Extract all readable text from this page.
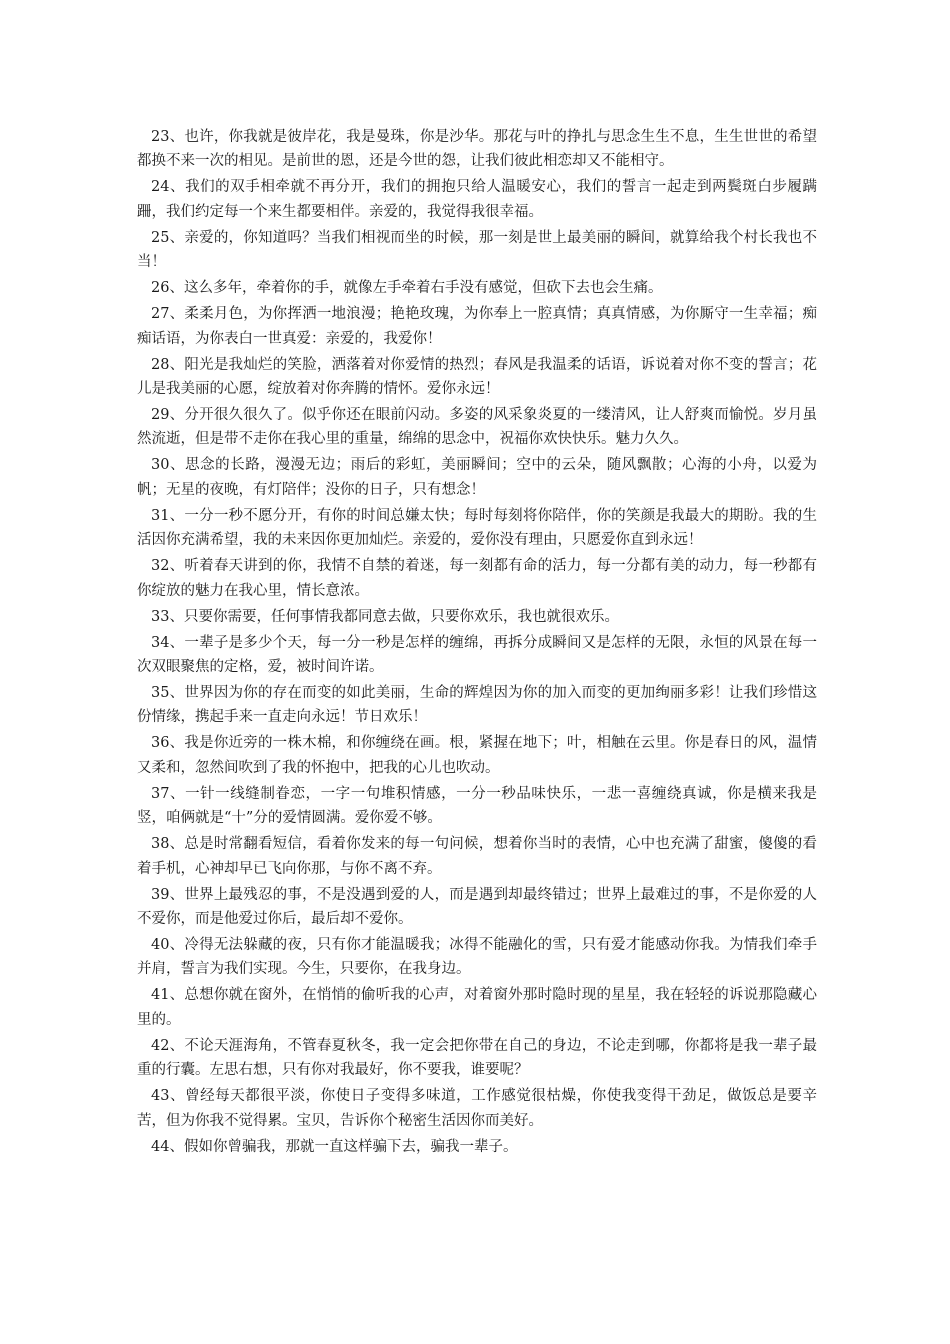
23、也许，你我就是彼岸花，我是曼珠，你是沙华。那花与叶的挣扎与思念生生不息，生生世世的希望都换不来一次的相见。是前世的恩，还是今世的怨，让我们彼此相恋却又不能相守。

24、我们的双手相牵就不再分开，我们的拥抱只给人温暖安心，我们的誓言一起走到两鬓斑白步履蹒跚，我们约定每一个来生都要相伴。亲爱的，我觉得我很幸福。

25、亲爱的，你知道吗？当我们相视而坐的时候，那一刻是世上最美丽的瞬间，就算给我个村长我也不当！

26、这么多年，牵着你的手，就像左手牵着右手没有感觉，但砍下去也会生痛。

27、柔柔月色，为你挥洒一地浪漫；艳艳玫瑰，为你奉上一腔真情；真真情感，为你厮守一生幸福；痴痴话语，为你表白一世真爱：亲爱的，我爱你！

28、阳光是我灿烂的笑脸，洒落着对你爱情的热烈；春风是我温柔的话语，诉说着对你不变的誓言；花儿是我美丽的心愿，绽放着对你奔腾的情怀。爱你永远！

29、分开很久很久了。似乎你还在眼前闪动。多姿的风采象炎夏的一缕清风，让人舒爽而愉悦。岁月虽然流逝，但是带不走你在我心里的重量，绵绵的思念中，祝福你欢快快乐。魅力久久。

30、思念的长路，漫漫无边；雨后的彩虹，美丽瞬间；空中的云朵，随风飘散；心海的小舟，以爱为帆；无星的夜晚，有灯陪伴；没你的日子，只有想念！

31、一分一秒不愿分开，有你的时间总嫌太快；每时每刻将你陪伴，你的笑颜是我最大的期盼。我的生活因你充满希望，我的未来因你更加灿烂。亲爱的，爱你没有理由，只愿爱你直到永远！

32、听着春天讲到的你，我情不自禁的着迷，每一刻都有命的活力，每一分都有美的动力，每一秒都有你绽放的魅力在我心里，情长意浓。

33、只要你需要，任何事情我都同意去做，只要你欢乐，我也就很欢乐。

34、一辈子是多少个天，每一分一秒是怎样的缠绵，再拆分成瞬间又是怎样的无限，永恒的风景在每一次双眼聚焦的定格，爱，被时间许诺。

35、世界因为你的存在而变的如此美丽，生命的辉煌因为你的加入而变的更加绚丽多彩！让我们珍惜这份情缘，携起手来一直走向永远！节日欢乐！

36、我是你近旁的一株木棉，和你缠绕在画。根，紧握在地下；叶，相触在云里。你是春日的风，温情又柔和，忽然间吹到了我的怀抱中，把我的心儿也吹动。

37、一针一线缝制眷恋，一字一句堆积情感，一分一秒品味快乐，一悲一喜缠绕真诚，你是横来我是竖，咱俩就是“十”分的爱情圆满。爱你爱不够。

38、总是时常翻看短信，看着你发来的每一句问候，想着你当时的表情，心中也充满了甜蜜，傻傻的看着手机，心神却早已飞向你那，与你不离不弃。

39、世界上最残忍的事，不是没遇到爱的人，而是遇到却最终错过；世界上最难过的事，不是你爱的人不爱你，而是他爱过你后，最后却不爱你。

40、冷得无法躲藏的夜，只有你才能温暖我；冰得不能融化的雪，只有爱才能感动你我。为情我们牵手并肩，誓言为我们实现。今生，只要你，在我身边。

41、总想你就在窗外，在悄悄的偷听我的心声，对着窗外那时隐时现的星星，我在轻轻的诉说那隐藏心里的。

42、不论天涯海角，不管春夏秋冬，我一定会把你带在自己的身边，不论走到哪，你都将是我一辈子最重的行囊。左思右想，只有你对我最好，你不要我，谁要呢？

43、曾经每天都很平淡，你使日子变得多味道，工作感觉很枯燥，你使我变得干劲足，做饭总是要辛苦，但为你我不觉得累。宝贝，告诉你个秘密生活因你而美好。

44、假如你曾骗我，那就一直这样骗下去，骗我一辈子。
